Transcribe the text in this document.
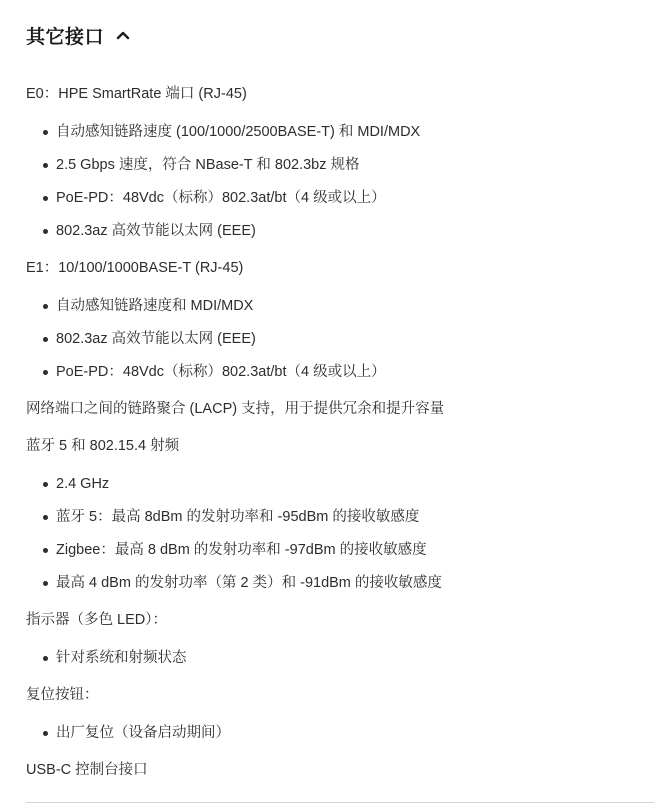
其它接口

E0：HPE SmartRate 端口 (RJ-45)

自动感知链路速度 (100/1000/2500BASE-T) 和 MDI/MDX
2.5 Gbps 速度，符合 NBase-T 和 802.3bz 规格
PoE-PD：48Vdc（标称）802.3at/bt（4 级或以上）
802.3az 高效节能以太网 (EEE)

E1：10/100/1000BASE-T (RJ-45)

自动感知链路速度和 MDI/MDX
802.3az 高效节能以太网 (EEE)
PoE-PD：48Vdc（标称）802.3at/bt（4 级或以上）

网络端口之间的链路聚合 (LACP) 支持，用于提供冗余和提升容量

蓝牙 5 和 802.15.4 射频

2.4 GHz
蓝牙 5：最高 8dBm 的发射功率和 -95dBm 的接收敏感度
Zigbee：最高 8 dBm 的发射功率和 -97dBm 的接收敏感度
最高 4 dBm 的发射功率（第 2 类）和 -91dBm 的接收敏感度

指示器（多色 LED）：

针对系统和射频状态

复位按钮：

出厂复位（设备启动期间）

USB-C 控制台接口
